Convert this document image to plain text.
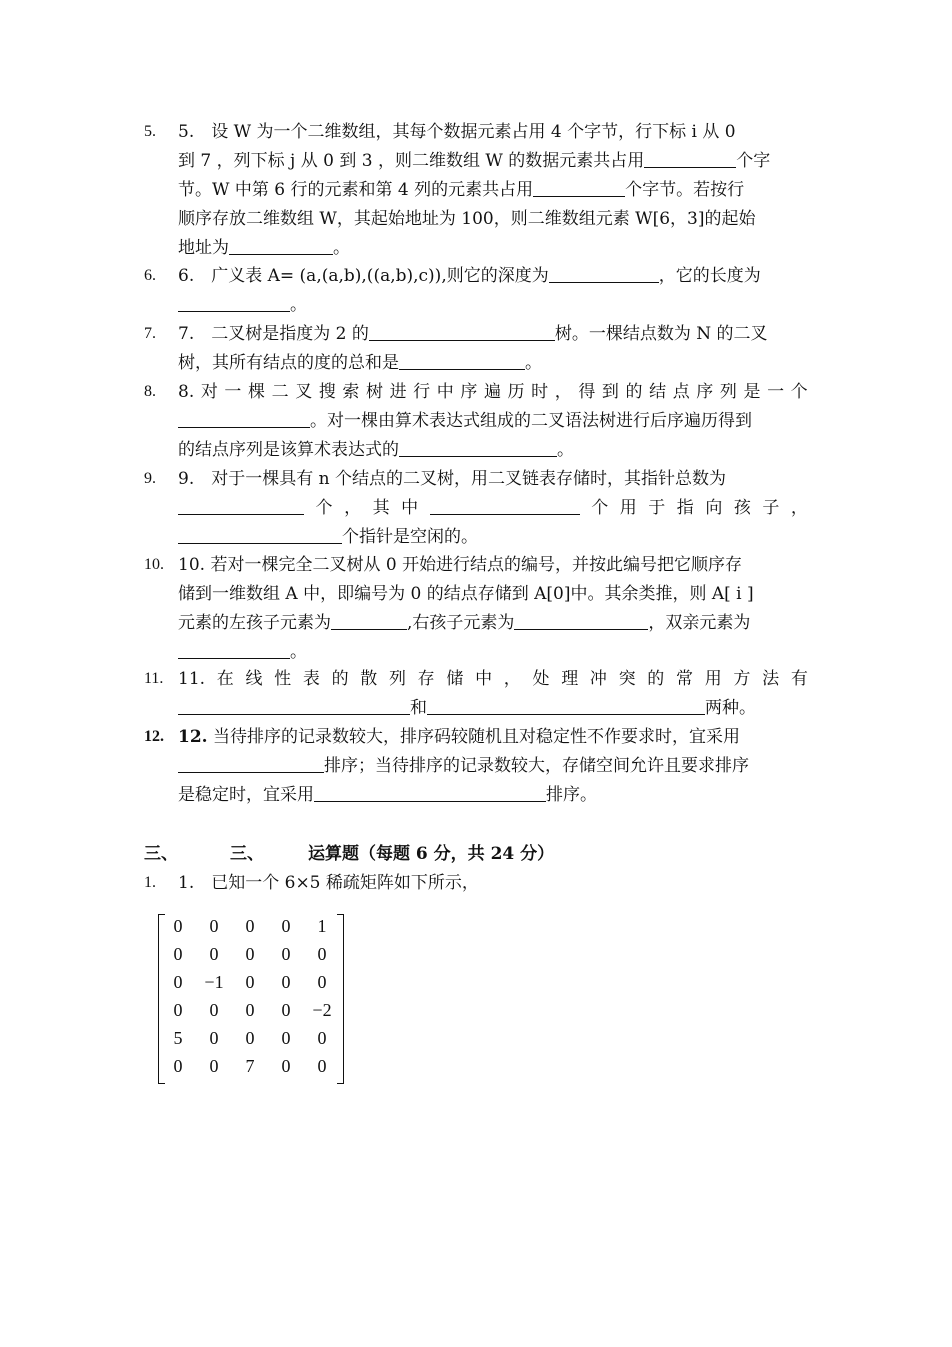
5. 5.　设 W 为一个二维数组，其每个数据元素占用 4 个字节，行下标 i 从 0
到 7 ，列下标 j 从 0 到 3 ，则二维数组 W 的数据元素共占用	个字
节。W 中第 6 行的元素和第 4 列的元素共占用	个字节。若按行
顺序存放二维数组 W，其起始地址为 100，则二维数组元素 W[6，3]的起始
地址为	。
6. 6.　广义表 A= (a,(a,b),((a,b),c)),则它的深度为	，它的长度为
。
7. 7.　二叉树是指度为 2 的	树。一棵结点数为 N 的二叉
树，其所有结点的度的总和是	。
8. 8. 对 一 棵 二 叉 搜 索 树 进 行 中 序 遍 历 时 ， 得 到 的 结 点 序 列 是 一 个
。对一棵由算术表达式组成的二叉语法树进行后序遍历得到
的结点序列是该算术表达式的	。
9. 9.　对于一棵具有 n 个结点的二叉树，用二叉链表存储时，其指针总数为
个 ， 其 中	个 用 于 指 向 孩 子 ，
个指针是空闲的。
10. 10. 若对一棵完全二叉树从 0 开始进行结点的编号，并按此编号把它顺序存
储到一维数组 A 中，即编号为 0 的结点存储到 A[0]中。其余类推，则 A[ i ]
元素的左孩子元素为	,右孩子元素为	，双亲元素为
。
11. 11. 在 线 性 表 的 散 列 存 储 中 ， 处 理 冲 突 的 常 用 方 法 有
和	两种。
12. 12. 当待排序的记录数较大，排序码较随机且对稳定性不作要求时，宜采用
排序；当待排序的记录数较大，存储空间允许且要求排序
是稳定时，宜采用	排序。
三、	三、	运算题（每题 6 分，共 24 分）
1. 1.　已知一个 6×5 稀疏矩阵如下所示，
0	0	0	0	1
0	0	0	0	0
0	−1	0	0	0
0	0	0	0	−2
5	0	0	0	0
0	0	7	0	0
